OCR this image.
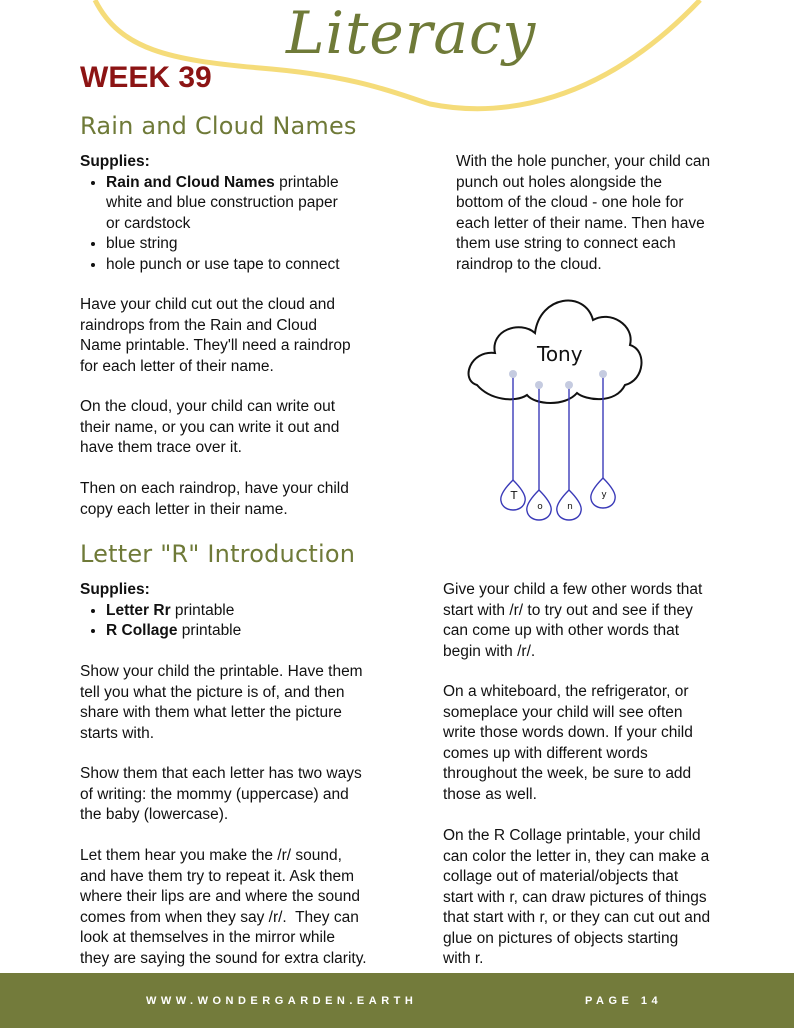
Literacy
WEEK 39
Rain and Cloud Names
Supplies:
• Rain and Cloud Names printable
white and blue construction paper
or cardstock
• blue string
• hole punch or use tape to connect
Have your child cut out the cloud and
raindrops from the Rain and Cloud
Name printable. They'll need a raindrop
for each letter of their name.
On the cloud, your child can write out
their name, or you can write it out and
have them trace over it.
Then on each raindrop, have your child
copy each letter in their name.
With the hole puncher, your child can
punch out holes alongside the
bottom of the cloud - one hole for
each letter of their name. Then have
them use string to connect each
raindrop to the cloud.
Tony
T
o	n
y
Letter "R" Introduction
Supplies:
• Letter Rr printable
• R Collage printable
Show your child the printable. Have them
tell you what the picture is of, and then
share with them what letter the picture
starts with.
Show them that each letter has two ways
of writing: the mommy (uppercase) and
the baby (lowercase).
Let them hear you make the /r/ sound,
and have them try to repeat it. Ask them
where their lips are and where the sound
comes from when they say /r/.  They can
look at themselves in the mirror while
they are saying the sound for extra clarity.
Give your child a few other words that
start with /r/ to try out and see if they
can come up with other words that
begin with /r/.
On a whiteboard, the refrigerator, or
someplace your child will see often
write those words down. If your child
comes up with different words
throughout the week, be sure to add
those as well.
On the R Collage printable, your child
can color the letter in, they can make a
collage out of material/objects that
start with r, can draw pictures of things
that start with r, or they can cut out and
glue on pictures of objects starting
with r.
WWW.WONDERGARDEN.EARTH	PAGE 14
